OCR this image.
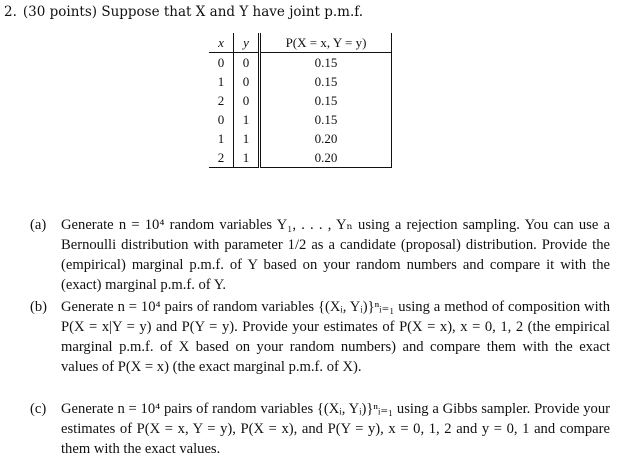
2. (30 points) Suppose that X and Y have joint p.m.f.
x	y	P(X = x, Y = y)
0	0	0.15
1	0	0.15
2	0	0.15
0	1	0.15
1	1	0.20
2	1	0.20
(a) Generate n = 10⁴ random variables Y₁, . . . , Yₙ using a rejection sampling. You can use a Bernoulli distribution with parameter 1/2 as a candidate (proposal) distribution. Provide the (empirical) marginal p.m.f. of Y based on your random numbers and compare it with the (exact) marginal p.m.f. of Y.
(b) Generate n = 10⁴ pairs of random variables {(Xᵢ, Yᵢ)}ⁿᵢ₌₁ using a method of composition with P(X = x|Y = y) and P(Y = y). Provide your estimates of P(X = x), x = 0, 1, 2 (the empirical marginal p.m.f. of X based on your random numbers) and compare them with the exact values of P(X = x) (the exact marginal p.m.f. of X).
(c) Generate n = 10⁴ pairs of random variables {(Xᵢ, Yᵢ)}ⁿᵢ₌₁ using a Gibbs sampler. Provide your estimates of P(X = x, Y = y), P(X = x), and P(Y = y), x = 0, 1, 2 and y = 0, 1 and compare them with the exact values.
